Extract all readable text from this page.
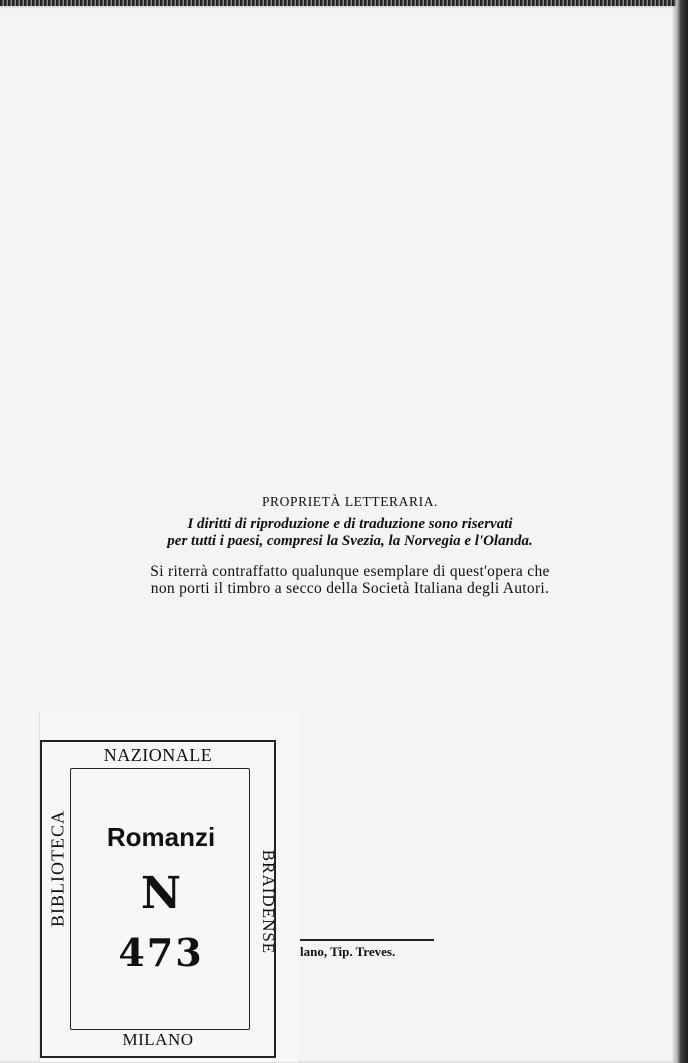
PROPRIETÀ LETTERARIA.
I diritti di riproduzione e di traduzione sono riservati
per tutti i paesi, compresi la Svezia, la Norvegia e l'Olanda.
Si riterrà contraffatto qualunque esemplare di quest'opera che
non porti il timbro a secco della Società Italiana degli Autori.
NAZIONALE
BIBLIOTECA	BRAIDENSE
MILANO
Romanzi
N
473	lano, Tip. Treves.
